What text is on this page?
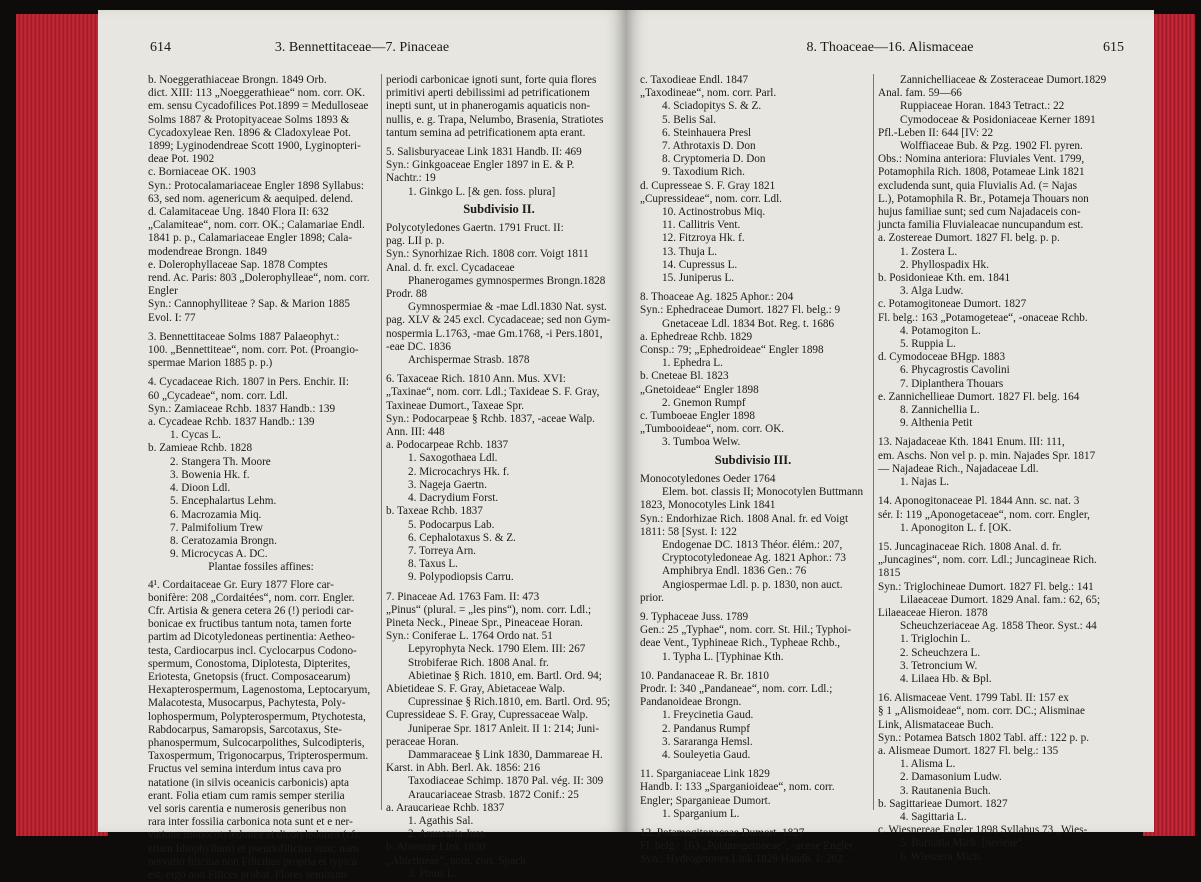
614	3. Bennettitaceae—7. Pinaceae
b. Noeggerathiaceae Brongn. 1849 Orb.
dict. XIII: 113 „Noeggerathieae“ nom. corr. OK.
em. sensu Cycadofilices Pot.1899 = Medulloseae
Solms 1887 & Protopityaceae Solms 1893 &
Cycadoxyleae Ren. 1896 & Cladoxyleae Pot.
1899; Lyginodendreae Scott 1900, Lyginopteri-
deae Pot. 1902
c. Borniaceae OK. 1903
Syn.: Protocalamariaceae Engler 1898 Syllabus:
63, sed nom. agenericum & aequiped. delend.
d. Calamitaceae Ung. 1840 Flora II: 632
„Calamiteae“, nom. corr. OK.; Calamariae Endl.
1841 p. p., Calamariaceae Engler 1898; Cala-
modendreae Brongn. 1849
e. Dolerophyllaceae Sap. 1878 Comptes
rend. Ac. Paris: 803 „Dolerophylleae“, nom. corr.
Engler
Syn.: Cannophylliteae ? Sap. & Marion 1885
Evol. I: 77
3. Bennettitaceae Solms 1887 Palaeophyt.:
100. „Bennettiteae“, nom. corr. Pot. (Proangio-
spermae Marion 1885 p. p.)
4. Cycadaceae Rich. 1807 in Pers. Enchir. II:
60 „Cycadeae“, nom. corr. Ldl.
Syn.: Zamiaceae Rchb. 1837 Handb.: 139
a. Cycadeae Rchb. 1837 Handb.: 139
1. Cycas L.
b. Zamieae Rchb. 1828
2. Stangera Th. Moore
3. Bowenia Hk. f.
4. Dioon Ldl.
5. Encephalartus Lehm.
6. Macrozamia Miq.
7. Palmifolium Trew
8. Ceratozamia Brongn.
9. Microcycas A. DC.
Plantae fossiles affines:
4¹. Cordaitaceae Gr. Eury 1877 Flore car-
bonifère: 208 „Cordaitées“, nom. corr. Engler.
Cfr. Artisia & genera cetera 26 (!) periodi car-
bonicae ex fructibus tantum nota, tamen forte
partim ad Dicotyledoneas pertinentia: Aetheo-
testa, Cardiocarpus incl. Cyclocarpus Codono-
spermum, Conostoma, Diplotesta, Dipterites,
Eriotesta, Gnetopsis (fruct. Composacearum)
Hexapterospermum, Lagenostoma, Leptocaryum,
Malacotesta, Musocarpus, Pachytesta, Poly-
lophospermum, Polypterospermum, Ptychotesta,
Rabdocarpus, Samaropsis, Sarcotaxus, Ste-
phanospermum, Sulcocarpolithes, Sulcodipteris,
Taxospermum, Trigonocarpus, Tripterospermum.
Fructus vel semina interdum intus cava pro
natatione (in silvis oceanicis carbonicis) apta
erant. Folia etiam cum ramis semper sterilia
vel soris carentia e numerosis generibus non
rara inter fossilia carbonica nota sunt et e ner-
vatione monocotyledonea et dicotyledonea (cfr.
etiam Idiophyllum) et pseudofilicina sunt; nam
nervatio filicina non Filicibus propria et typica
est, ergo non Filices probat. Flores seminum
periodi carbonicae ignoti sunt, forte quia flores
primitivi aperti debilissimi ad petrificationem
inepti sunt, ut in phanerogamis aquaticis non-
nullis, e. g. Trapa, Nelumbo, Brasenia, Stratiotes
tantum semina ad petrificationem apta erant.
5. Salisburyaceae Link 1831 Handb. II: 469
Syn.: Ginkgoaceae Engler 1897 in E. & P.
Nachtr.: 19
1. Ginkgo L. [& gen. foss. plura]
Subdivisio II.
Polycotyledones Gaertn. 1791 Fruct. II:
pag. LII p. p.
Syn.: Synorhizae Rich. 1808 corr. Voigt 1811
Anal. d. fr. excl. Cycadaceae
Phanerogames gymnospermes Brongn.1828
Prodr. 88
Gymnospermiae & -mae Ldl.1830 Nat. syst.
pag. XLV & 245 excl. Cycadaceae; sed non Gym-
nospermia L.1763, -mae Gm.1768, -i Pers.1801,
-eae DC. 1836
Archispermae Strasb. 1878
6. Taxaceae Rich. 1810 Ann. Mus. XVI:
„Taxinae“, nom. corr. Ldl.; Taxideae S. F. Gray,
Taxineae Dumort., Taxeae Spr.
Syn.: Podocarpeae § Rchb. 1837, -aceae Walp.
Ann. III: 448
a. Podocarpeae Rchb. 1837
1. Saxogothaea Ldl.
2. Microcachrys Hk. f.
3. Nageja Gaertn.
4. Dacrydium Forst.
b. Taxeae Rchb. 1837
5. Podocarpus Lab.
6. Cephalotaxus S. & Z.
7. Torreya Arn.
8. Taxus L.
9. Polypodiopsis Carru.
7. Pinaceae Ad. 1763 Fam. II: 473
„Pinus“ (plural. = „les pins“), nom. corr. Ldl.;
Pineta Neck., Pineae Spr., Pineaceae Horan.
Syn.: Coniferae L. 1764 Ordo nat. 51
Lepyrophyta Neck. 1790 Elem. III: 267
Strobiferae Rich. 1808 Anal. fr.
Abietinae § Rich. 1810, em. Bartl. Ord. 94;
Abietideae S. F. Gray, Abietaceae Walp.
Cupressinae § Rich.1810, em. Bartl. Ord. 95;
Cupressideae S. F. Gray, Cupressaceae Walp.
Juniperae Spr. 1817 Anleit. II 1: 214; Juni-
peraceae Horan.
Dammaraceae § Link 1830, Dammareae H.
Karst. in Abh. Berl. Ak. 1856: 216
Taxodiaceae Schimp. 1870 Pal. vég. II: 309
Araucariaceae Strasb. 1872 Conif.: 25
a. Araucarieae Rchb. 1837
1. Agathis Sal.
2. Araucaria Juss.
b. Abieteae Link 1830
„Abietineae“, nom. corr. Spach
3. Pinus L.
8. Thoaceae—16. Alismaceae	615
c. Taxodieae Endl. 1847
„Taxodineae“, nom. corr. Parl.
4. Sciadopitys S. & Z.
5. Belis Sal.
6. Steinhauera Presl
7. Athrotaxis D. Don
8. Cryptomeria D. Don
9. Taxodium Rich.
d. Cupresseae S. F. Gray 1821
„Cupressideae“, nom. corr. Ldl.
10. Actinostrobus Miq.
11. Callitris Vent.
12. Fitzroya Hk. f.
13. Thuja L.
14. Cupressus L.
15. Juniperus L.
8. Thoaceae Ag. 1825 Aphor.: 204
Syn.: Ephedraceae Dumort. 1827 Fl. belg.: 9
Gnetaceae Ldl. 1834 Bot. Reg. t. 1686
a. Ephedreae Rchb. 1829
Consp.: 79; „Ephedroideae“ Engler 1898
1. Ephedra L.
b. Cneteae Bl. 1823
„Gnetoideae“ Engler 1898
2. Gnemon Rumpf
c. Tumboeae Engler 1898
„Tumbooideae“, nom. corr. OK.
3. Tumboa Welw.
Subdivisio III.
Monocotyledones Oeder 1764
Elem. bot. classis II; Monocotylen Buttmann
1823, Monocotyles Link 1841
Syn.: Endorhizae Rich. 1808 Anal. fr. ed Voigt
1811: 58 [Syst. I: 122
Endogenae DC. 1813 Théor. élém.: 207,
Cryptocotyledoneae Ag. 1821 Aphor.: 73
Amphibrya Endl. 1836 Gen.: 76
Angiospermae Ldl. p. p. 1830, non auct.
prior.
9. Typhaceae Juss. 1789
Gen.: 25 „Typhae“, nom. corr. St. Hil.; Typhoi-
deae Vent., Typhineae Rich., Typheae Rchb.,
1. Typha L. [Typhinae Kth.
10. Pandanaceae R. Br. 1810
Prodr. I: 340 „Pandaneae“, nom. corr. Ldl.;
Pandanoideae Brongn.
1. Freycinetia Gaud.
2. Pandanus Rumpf
3. Sararanga Hemsl.
4. Souleyetia Gaud.
11. Sparganiaceae Link 1829
Handb. I: 133 „Sparganioideae“, nom. corr.
Engler; Sparganieae Dumort.
1. Sparganium L.
12. Potamogitonaceae Dumort. 1827
Fl. belg.: 163 „Potamogetoneae“, -aceae Engler
Syn.: Hydrogetones Link 1829 Handb. I: 282
Zannichelliaceae & Zosteraceae Dumort.1829
Anal. fam. 59—66
Ruppiaceae Horan. 1843 Tetract.: 22
Cymodoceae & Posidoniaceae Kerner 1891
Pfl.-Leben II: 644 [IV: 22
Wolffiaceae Bub. & Pzg. 1902 Fl. pyren.
Obs.: Nomina anteriora: Fluviales Vent. 1799,
Potamophila Rich. 1808, Potameae Link 1821
excludenda sunt, quia Fluvialis Ad. (= Najas
L.), Potamophila R. Br., Potameja Thouars non
hujus familiae sunt; sed cum Najadaceis con-
juncta familia Fluvialeacae nuncupandum est.
a. Zostereae Dumort. 1827 Fl. belg. p. p.
1. Zostera L.
2. Phyllospadix Hk.
b. Posidonieae Kth. em. 1841
3. Alga Ludw.
c. Potamogitoneae Dumort. 1827
Fl. belg.: 163 „Potamogeteae“, -onaceae Rchb.
4. Potamogiton L.
5. Ruppia L.
d. Cymodoceae BHgp. 1883
6. Phycagrostis Cavolini
7. Diplanthera Thouars
e. Zannichellieae Dumort. 1827 Fl. belg. 164
8. Zannichellia L.
9. Althenia Petit
13. Najadaceae Kth. 1841 Enum. III: 111,
em. Aschs. Non vel p. p. min. Najades Spr. 1817
— Najadeae Rich., Najadaceae Ldl.
1. Najas L.
14. Aponogitonaceae Pl. 1844 Ann. sc. nat. 3
sér. I: 119 „Aponogetaceae“, nom. corr. Engler,
1. Aponogiton L. f. [OK.
15. Juncaginaceae Rich. 1808 Anal. d. fr.
„Juncagines“, nom. corr. Ldl.; Juncagineae Rich.
1815
Syn.: Triglochineae Dumort. 1827 Fl. belg.: 141
Lilaeaceae Dumort. 1829 Anal. fam.: 62, 65;
Lilaeaceae Hieron. 1878
Scheuchzeriaceae Ag. 1858 Theor. Syst.: 44
1. Triglochin L.
2. Scheuchzera L.
3. Tetroncium W.
4. Lilaea Hb. & Bpl.
16. Alismaceae Vent. 1799 Tabl. II: 157 ex
§ 1 „Alismoideae“, nom. corr. DC.; Alisminae
Link, Alismataceae Buch.
Syn.: Potamea Batsch 1802 Tabl. aff.: 122 p. p.
a. Alismeae Dumort. 1827 Fl. belg.: 135
1. Alisma L.
2. Damasonium Ludw.
3. Rautanenia Buch.
b. Sagittarieae Dumort. 1827
4. Sagittaria L.
c. Wiesnereae Engler 1898 Syllabus 73 „Wies-
5. Burnatia Mich. [nerieae“
6. Wiesnera Mich.
